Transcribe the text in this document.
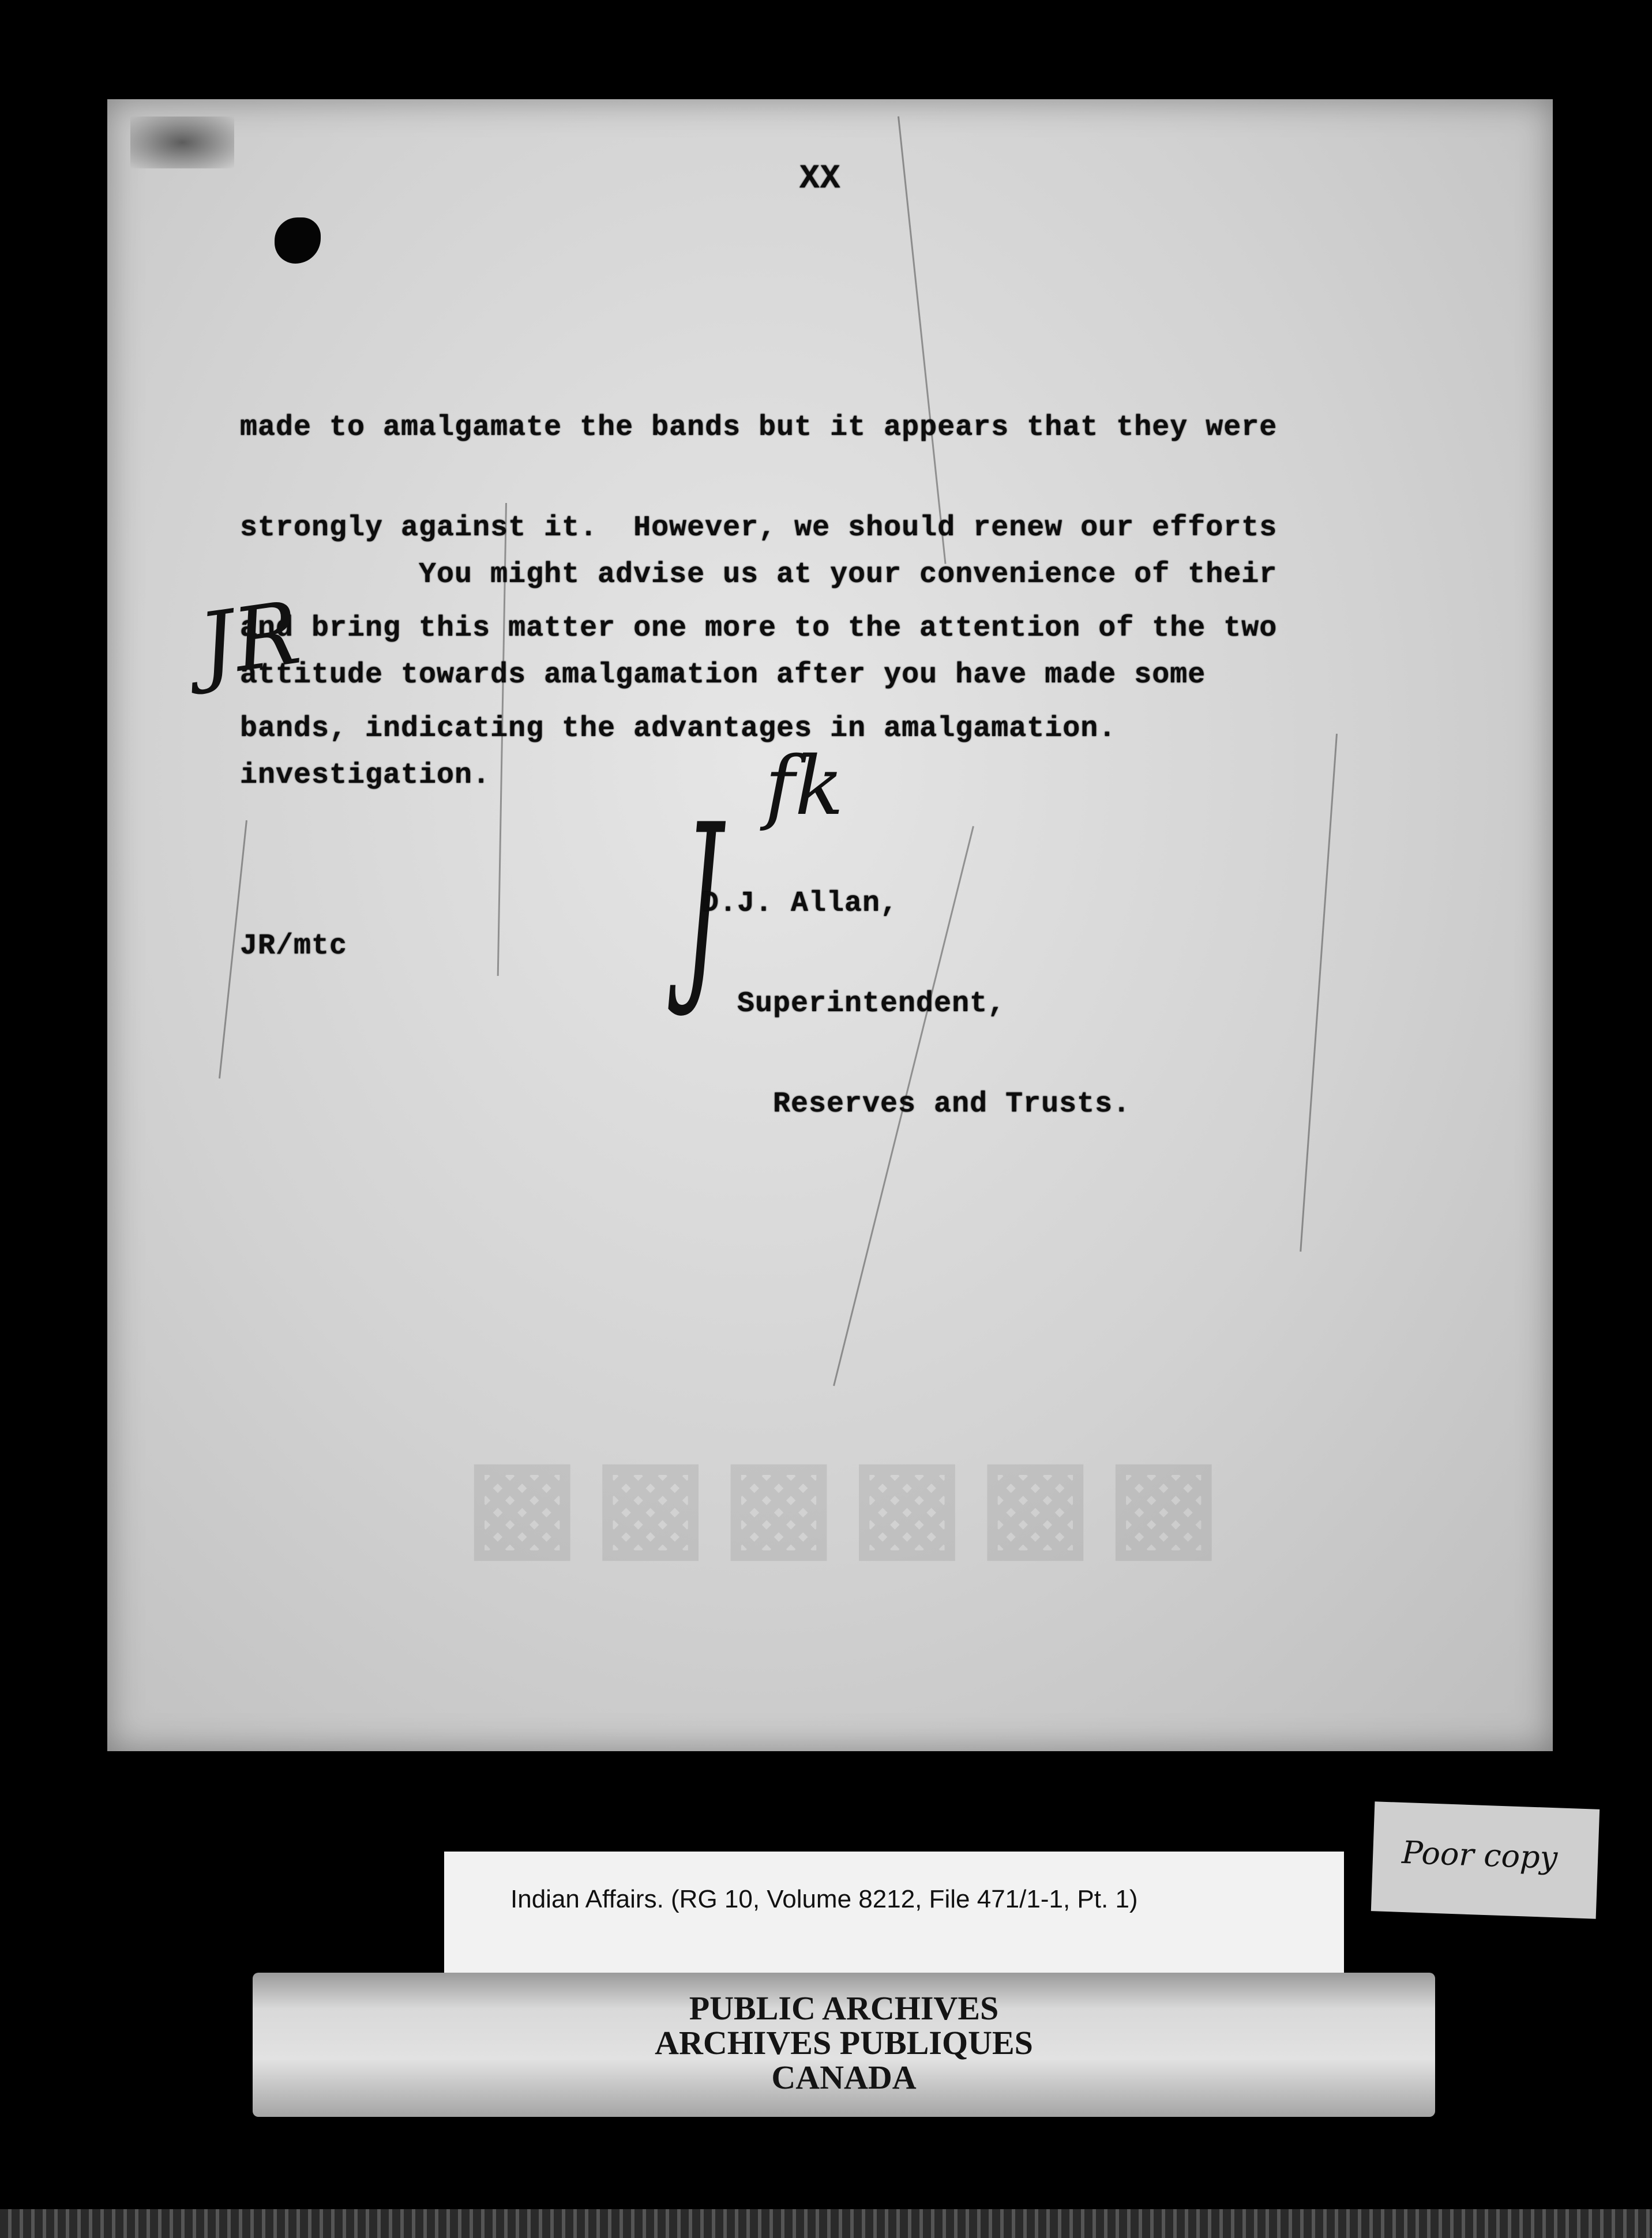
XX

made to amalgamate the bands but it appears that they were

strongly against it.  However, we should renew our efforts

and bring this matter one more to the attention of the two

bands, indicating the advantages in amalgamation.

You might advise us at your convenience of their

attitude towards amalgamation after you have made some

investigation.

JR
J fk

D.J. Allan,

Superintendent,

Reserves and Trusts.

JR/mtc
▩▩▩▩▩▩
Poor copy
Indian Affairs. (RG 10, Volume 8212, File 471/1-1, Pt. 1)
PUBLIC ARCHIVES
ARCHIVES PUBLIQUES
CANADA
